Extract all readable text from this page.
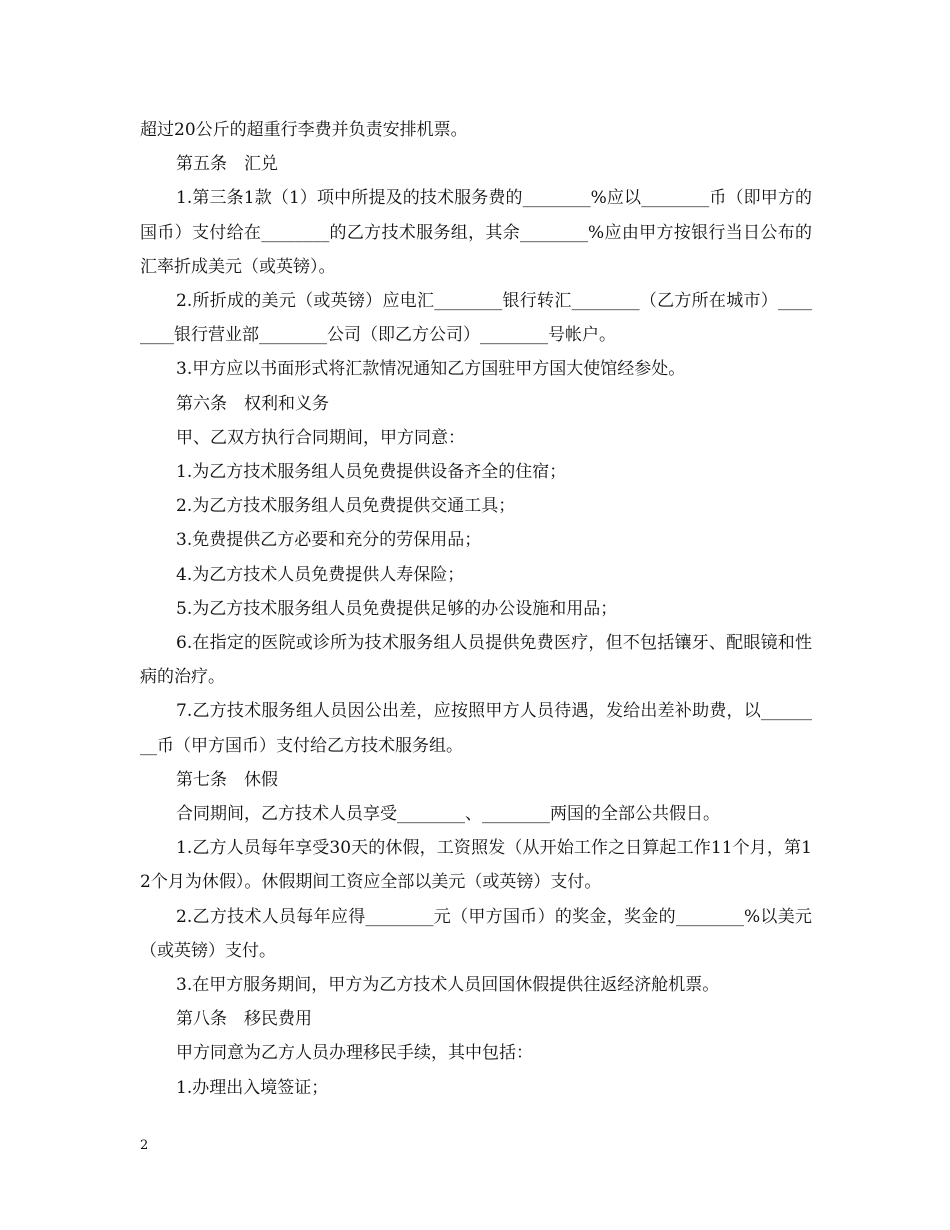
超过20公斤的超重行李费并负责安排机票。

第五条　汇兑

1.第三条1款（1）项中所提及的技术服务费的________%应以________币（即甲方的国币）支付给在________的乙方技术服务组，其余________%应由甲方按银行当日公布的汇率折成美元（或英镑）。

2.所折成的美元（或英镑）应电汇________银行转汇________（乙方所在城市）________银行营业部________公司（即乙方公司）________号帐户。

3.甲方应以书面形式将汇款情况通知乙方国驻甲方国大使馆经参处。

第六条　权利和义务

甲、乙双方执行合同期间，甲方同意：

1.为乙方技术服务组人员免费提供设备齐全的住宿；

2.为乙方技术服务组人员免费提供交通工具；

3.免费提供乙方必要和充分的劳保用品；

4.为乙方技术人员免费提供人寿保险；

5.为乙方技术服务组人员免费提供足够的办公设施和用品；

6.在指定的医院或诊所为技术服务组人员提供免费医疗，但不包括镶牙、配眼镜和性病的治疗。

7.乙方技术服务组人员因公出差，应按照甲方人员待遇，发给出差补助费，以________币（甲方国币）支付给乙方技术服务组。

第七条　休假

合同期间，乙方技术人员享受________、________两国的全部公共假日。

1.乙方人员每年享受30天的休假，工资照发（从开始工作之日算起工作11个月，第12个月为休假）。休假期间工资应全部以美元（或英镑）支付。

2.乙方技术人员每年应得________元（甲方国币）的奖金，奖金的________%以美元（或英镑）支付。

3.在甲方服务期间，甲方为乙方技术人员回国休假提供往返经济舱机票。

第八条　移民费用

甲方同意为乙方人员办理移民手续，其中包括：

1.办理出入境签证；

2
